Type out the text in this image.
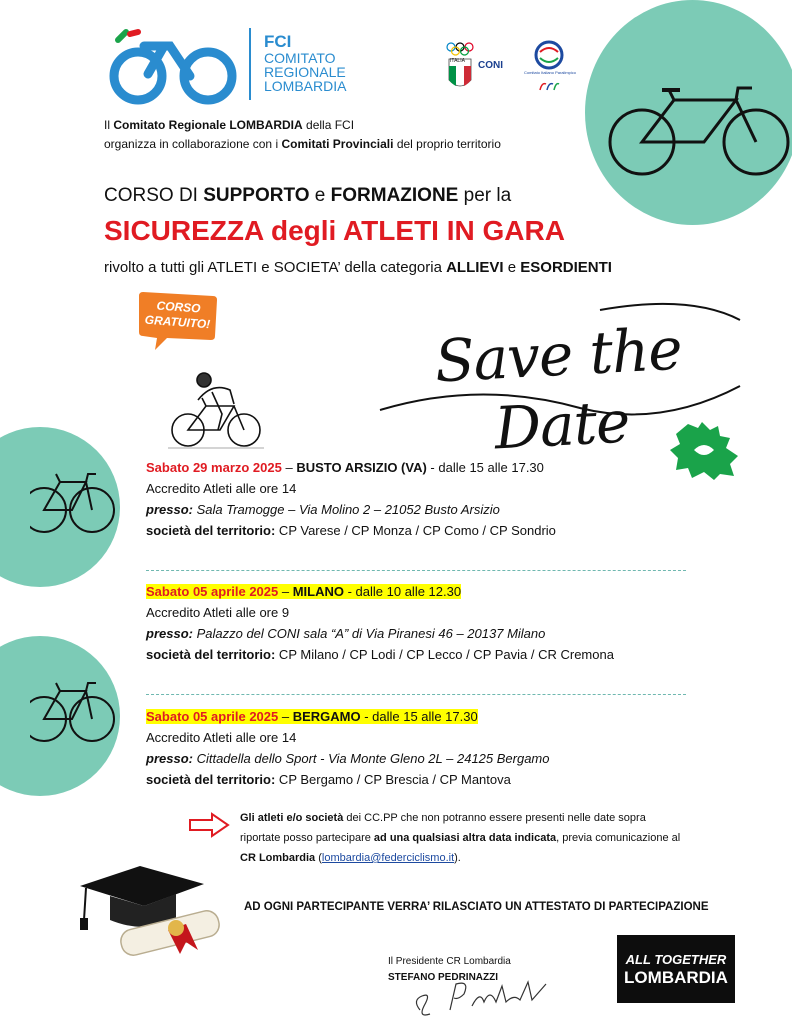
FCI
COMITATO
REGIONALE
LOMBARDIA
ITALIA CONI
Comitato Italiano Paralimpico
Il Comitato Regionale LOMBARDIA della FCI
organizza in collaborazione con i Comitati Provinciali del proprio territorio
CORSO DI SUPPORTO e FORMAZIONE per la
SICUREZZA degli ATLETI IN GARA
rivolto a tutti gli ATLETI e SOCIETA’ della categoria ALLIEVI e ESORDIENTI
CORSO
GRATUITO!	Save the Date
Sabato 29 marzo 2025 – BUSTO ARSIZIO (VA) - dalle 15 alle 17.30
Accredito Atleti alle ore 14
presso: Sala Tramogge – Via Molino 2 – 21052 Busto Arsizio
società del territorio: CP Varese / CP Monza / CP Como / CP Sondrio
Sabato 05 aprile 2025 – MILANO - dalle 10 alle 12.30
Accredito Atleti alle ore 9
presso: Palazzo del CONI sala “A” di Via Piranesi 46 – 20137 Milano
società del territorio: CP Milano / CP Lodi / CP Lecco / CP Pavia / CR Cremona
Sabato 05 aprile 2025 – BERGAMO - dalle 15 alle 17.30
Accredito Atleti alle ore 14
presso: Cittadella dello Sport - Via Monte Gleno 2L – 24125 Bergamo
società del territorio: CP Bergamo / CP Brescia / CP Mantova
Gli atleti e/o società dei CC.PP che non potranno essere presenti nelle date sopra
riportate posso partecipare ad una qualsiasi altra data indicata, previa comunicazione al
CR Lombardia (lombardia@federciclismo.it).
AD OGNI PARTECIPANTE VERRA’ RILASCIATO UN ATTESTATO DI PARTECIPAZIONE
Il Presidente CR Lombardia
STEFANO PEDRINAZZI
ALL TOGETHER
LOMBARDIA
